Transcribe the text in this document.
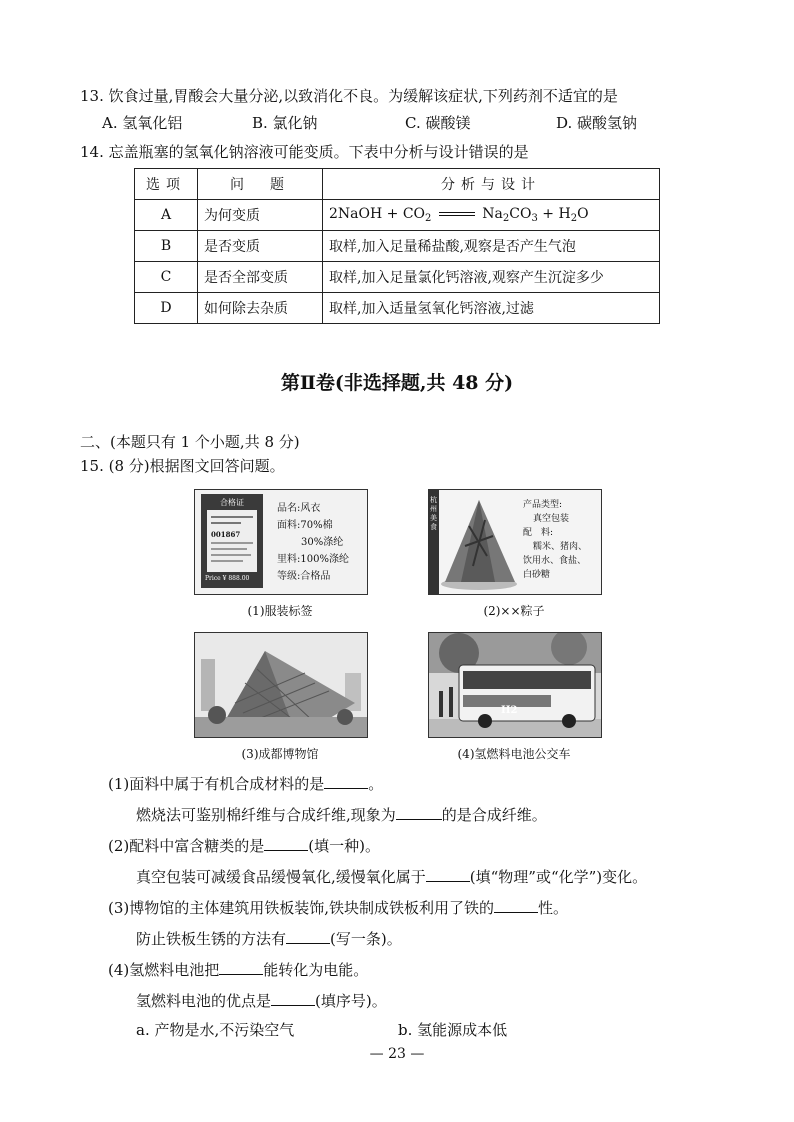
13. 饮食过量,胃酸会大量分泌,以致消化不良。为缓解该症状,下列药剂不适宜的是
A. 氢氧化铝	B. 氯化钠	C. 碳酸镁	D. 碳酸氢钠
14. 忘盖瓶塞的氢氧化钠溶液可能变质。下表中分析与设计错误的是
选项	问　题	分析与设计
A	为何变质	2NaOH + $CO_2$ $Na_2CO_3 + H_2O$
B	是否变质	取样,加入足量稀盐酸,观察是否产生气泡
C	是否全部变质	取样,加入足量氯化钙溶液,观察产生沉淀多少
D	如何除去杂质	取样,加入适量氢氧化钙溶液,过滤
第Ⅱ卷(非选择题,共 48 分)
二、(本题只有 1 个小题,共 8 分)
15. (8 分)根据图文回答问题。
合格证
001867
Price ¥ 888.00
品名:风衣
面料:70%棉
30%涤纶
里料:100%涤纶
等级:合格品
(1)服装标签
杭州美食
产品类型:
真空包装
配　料:
糯米、猪肉、
饮用水、食盐、
白砂糖
(2)××粽子
(3)成都博物馆
H2
(4)氢燃料电池公交车
(1)面料中属于有机合成材料的是	。
燃烧法可鉴别棉纤维与合成纤维,现象为	的是合成纤维。
(2)配料中富含糖类的是	(填一种)。
真空包装可减缓食品缓慢氧化,缓慢氧化属于	(填“物理”或“化学”)变化。
(3)博物馆的主体建筑用铁板装饰,铁块制成铁板利用了铁的	性。
防止铁板生锈的方法有	(写一条)。
(4)氢燃料电池把	能转化为电能。
氢燃料电池的优点是	(填序号)。
a. 产物是水,不污染空气	b. 氢能源成本低
— 23 —
